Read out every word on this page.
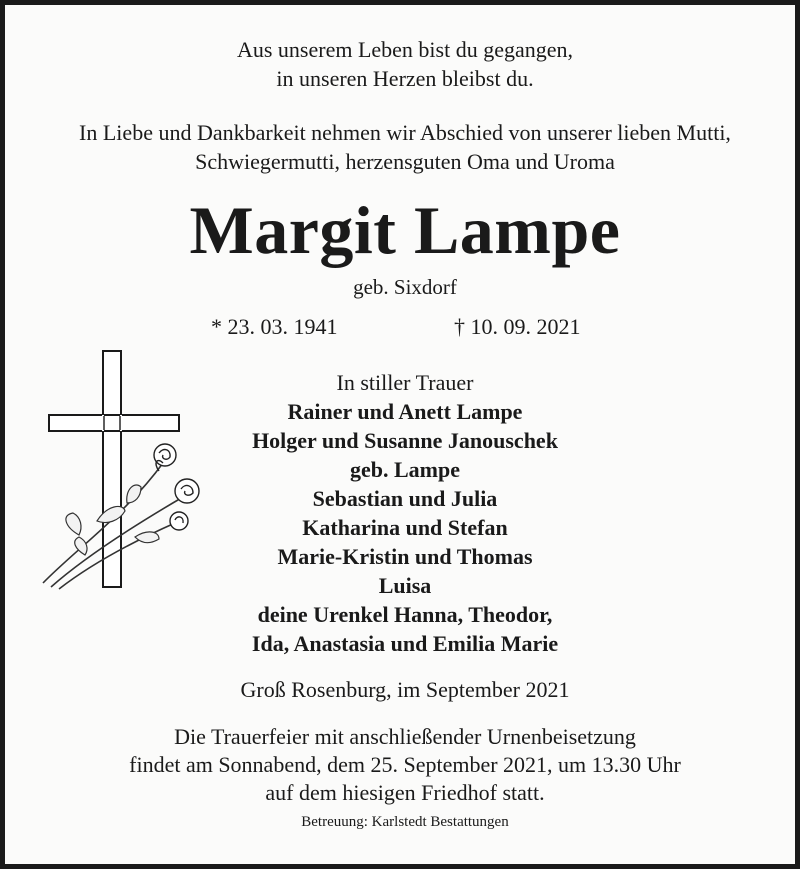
Aus unserem Leben bist du gegangen,
in unseren Herzen bleibst du.
In Liebe und Dankbarkeit nehmen wir Abschied von unserer lieben Mutti,
Schwiegermutti, herzensguten Oma und Uroma
Margit Lampe
geb. Sixdorf
* 23. 03. 1941	† 10. 09. 2021
In stiller Trauer
Rainer und Anett Lampe
Holger und Susanne Janouschek
geb. Lampe
Sebastian und Julia
Katharina und Stefan
Marie-Kristin und Thomas
Luisa
deine Urenkel Hanna, Theodor,
Ida, Anastasia und Emilia Marie
Groß Rosenburg, im September 2021
Die Trauerfeier mit anschließender Urnenbeisetzung
findet am Sonnabend, dem 25. September 2021, um 13.30 Uhr
auf dem hiesigen Friedhof statt.
Betreuung: Karlstedt Bestattungen
